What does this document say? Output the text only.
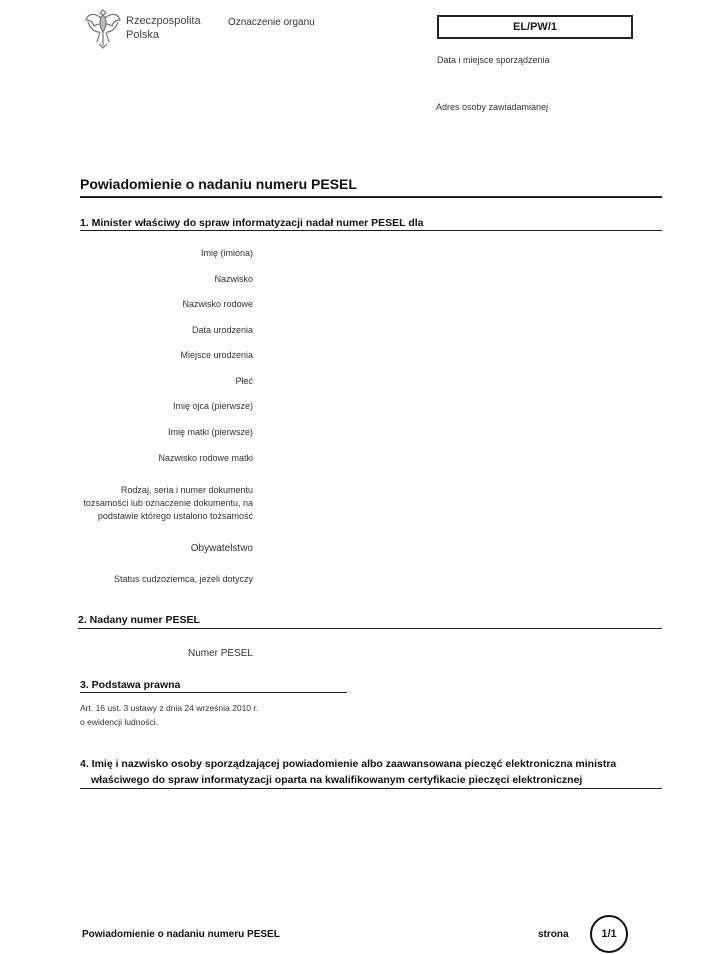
Rzeczpospolita
Polska
Oznaczenie organu	EL/PW/1
Data i miejsce sporządzenia
Adres osoby zawiadamianej
Powiadomienie o nadaniu numeru PESEL
1. Minister właściwy do spraw informatyzacji nadał numer PESEL dla
Imię (imiona)
Nazwisko
Nazwisko rodowe
Data urodzenia
Miejsce urodzenia
Płeć
Imię ojca (pierwsze)
Imię matki (pierwsze)
Nazwisko rodowe matki
Rodzaj, seria i numer dokumentu
tożsamości lub oznaczenie dokumentu, na
podstawie którego ustalono tożsamość
Obywatelstwo
Status cudzoziemca, jeżeli dotyczy
2. Nadany numer PESEL
Numer PESEL
3. Podstawa prawna
Art. 16 ust. 3 ustawy z dnia 24 września 2010 r.
o ewidencji ludności.
4. Imię i nazwisko osoby sporządzającej powiadomienie albo zaawansowana pieczęć elektroniczna ministra
właściwego do spraw informatyzacji oparta na kwalifikowanym certyfikacie pieczęci elektronicznej
Powiadomienie o nadaniu numeru PESEL	strona	1/1
